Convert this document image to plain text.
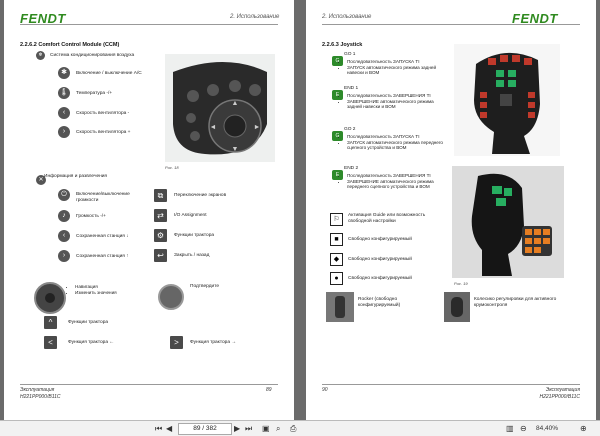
FENDT	2. Использование
2.2.6.2 Comfort Control Module (CCM)
❄	Система кондиционирования воздуха
✱	Включение / выключение A/C
🌡	Температура -/+
‹	Скорость вентилятора -
›	Скорость вентилятора +
▲
▼
◄	►
Рис. 18
✕
Информация и развлечения
⏻	Включение/выключение громкости
♪	Громкость -/+
‹	Сохраненная станция ↓
›	Сохраненная станция ↑
⧉	Переключение экранов
⇄	I/O Assignment
⚙	Функции трактора
↩	Закрыть / назад
• Навигация
• Изменить значения
Подтвердите
^	Функции трактора
<	Функция трактора ←	>	Функция трактора →
Эксплуатация
H221PP000/B11C
89
2. Использование	FENDT
2.2.6.3 Joystick
G
GO 1
• Последовательность ЗАПУСКА TI
• ЗАПУСК автоматического режима задней навески и ВОМ
E
END 1
• Последовательность ЗАВЕРШЕНИЯ TI
• ЗАВЕРШЕНИЕ автоматического режима задней навески и ВОМ
G
GO 2
• Последовательность ЗАПУСКА TI
• ЗАПУСК автоматического режима переднего сцепного устройства и ВОМ
E
END 2
• Последовательность ЗАВЕРШЕНИЯ TI
• ЗАВЕРШЕНИЕ автоматического режима переднего сцепного устройства и ВОМ
⚐
Активация Guide или возможность свободной настройки
■	Свободно конфигурируемый
◆	Свободно конфигурируемый
●	Свободно конфигурируемый
Rocker (свободно конфигурируемый)
Колесико регулировки для активного крумоконтроля
Рис. 19
90	Эксплуатация
H221PP000/B11C
⏮ ◀	89 / 382	▶ ⏭ ▣ ⌕ ⎙	▥ ⊖ 84,40%	⊕
